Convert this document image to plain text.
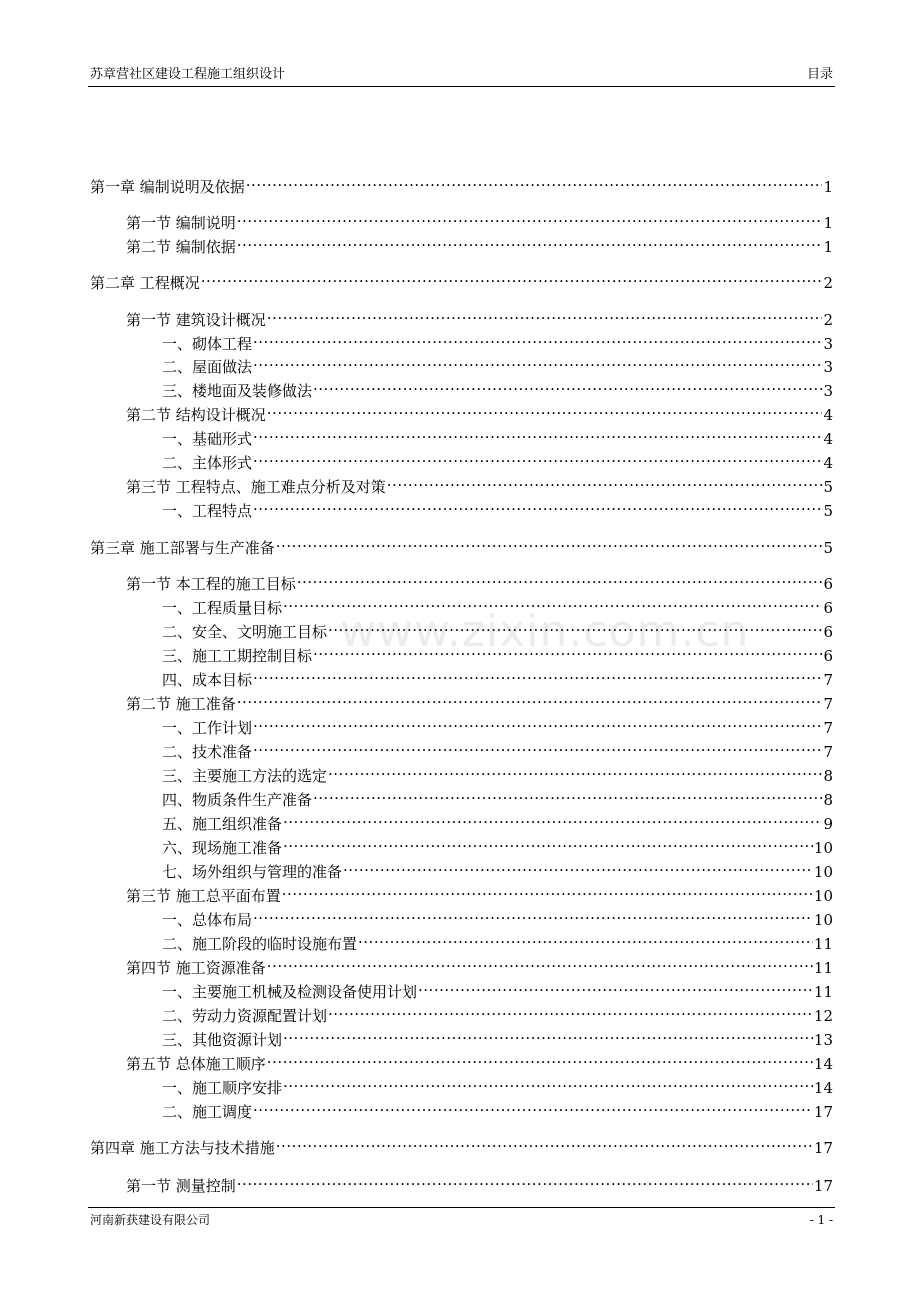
苏章营社区建设工程施工组织设计	目录
www.zixin.com.cn
第一章 编制说明及依据 .....	1
第一节 编制说明 .....	1
第二节 编制依据 .....	1
第二章 工程概况 .....	2
第一节 建筑设计概况 .....	2
一、砌体工程 .....	3
二、屋面做法 .....	3
三、楼地面及装修做法 .....	3
第二节 结构设计概况 .....	4
一、基础形式 .....	4
二、主体形式 .....	4
第三节 工程特点、施工难点分析及对策 .....	5
一、工程特点 .....	5
第三章 施工部署与生产准备 .....	5
第一节 本工程的施工目标 .....	6
一、工程质量目标 .....	6
二、安全、文明施工目标 .....	6
三、施工工期控制目标 .....	6
四、成本目标 .....	7
第二节 施工准备 .....	7
一、工作计划 .....	7
二、技术准备 .....	7
三、主要施工方法的选定 .....	8
四、物质条件生产准备 .....	8
五、施工组织准备 .....	9
六、现场施工准备 .....	10
七、场外组织与管理的准备 .....	10
第三节 施工总平面布置 .....	10
一、总体布局 .....	10
二、施工阶段的临时设施布置 .....	11
第四节 施工资源准备 .....	11
一、主要施工机械及检测设备使用计划 .....	11
二、劳动力资源配置计划 .....	12
三、其他资源计划 .....	13
第五节 总体施工顺序 .....	14
一、施工顺序安排 .....	14
二、施工调度 .....	17
第四章 施工方法与技术措施 .....	17
第一节 测量控制 .....	17
河南新获建设有限公司	- 1 -
